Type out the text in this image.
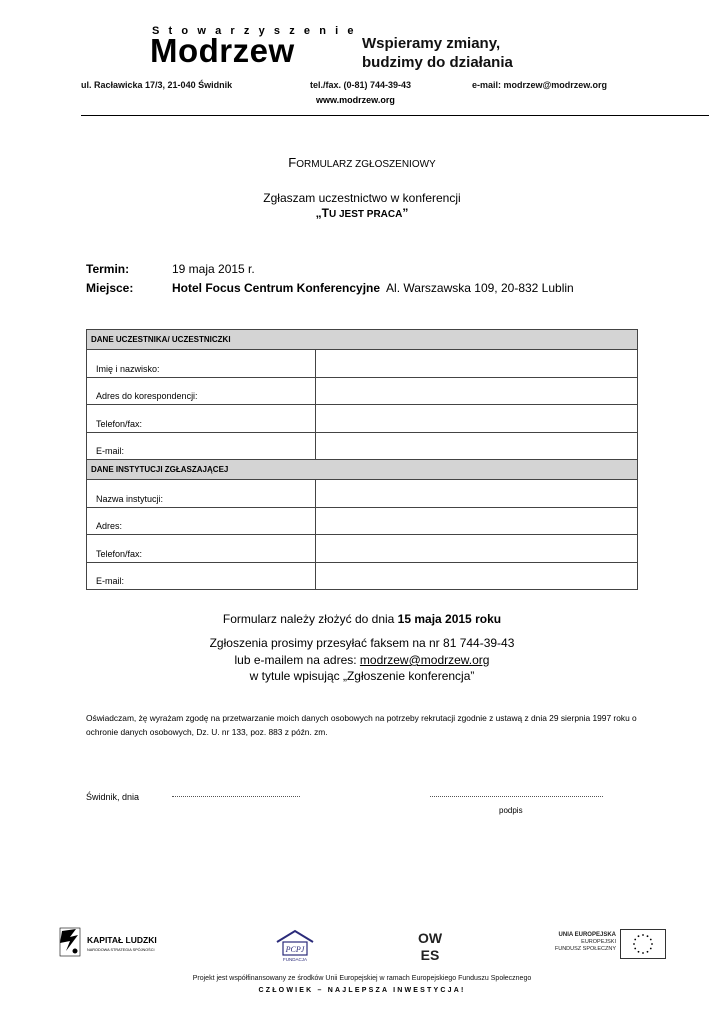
Stowarzyszenie
Modrzew	Wspieramy zmiany,
budzimy do działania
ul. Racławicka 17/3, 21-040 Świdnik	tel./fax. (0-81) 744-39-43	e-mail: modrzew@modrzew.org
www.modrzew.org
FORMULARZ ZGŁOSZENIOWY
Zgłaszam uczestnictwo w konferencji
„TU JEST PRACA”
Termin:	19 maja 2015 r.
Miejsce:	Hotel Focus Centrum Konferencyjne Al. Warszawska 109, 20-832 Lublin
DANE UCZESTNIKA/ UCZESTNICZKI	
Imię i nazwisko:	
Adres do korespondencji:	
Telefon/fax:	
E-mail:	
DANE INSTYTUCJI ZGŁASZAJĄCEJ	
Nazwa instytucji:	
Adres:	
Telefon/fax:	
E-mail:	
Formularz należy złożyć do dnia 15 maja 2015 roku
Zgłoszenia prosimy przesyłać faksem na nr 81 744-39-43
lub e-mailem na adres: modrzew@modrzew.org
w tytule wpisując „Zgłoszenie konferencja”
Oświadczam, żę wyrażam zgodę na przetwarzanie moich danych osobowych na potrzeby rekrutacji zgodnie z ustawą z dnia 29 sierpnia 1997 roku o ochronie danych osobowych, Dz. U. nr 133, poz. 883 z późn. zm.
Świdnik, dnia
podpis
KAPITAŁ LUDZKI
NARODOWA STRATEGIA SPÓJNOŚCI	PCPJ
FUNDACJA
OW
ES
UNIA EUROPEJSKA
EUROPEJSKI
FUNDUSZ SPOŁECZNY
Projekt jest współfinansowany ze środków Unii Europejskiej w ramach Europejskiego Funduszu Społecznego
CZŁOWIEK – NAJLEPSZA INWESTYCJA!
